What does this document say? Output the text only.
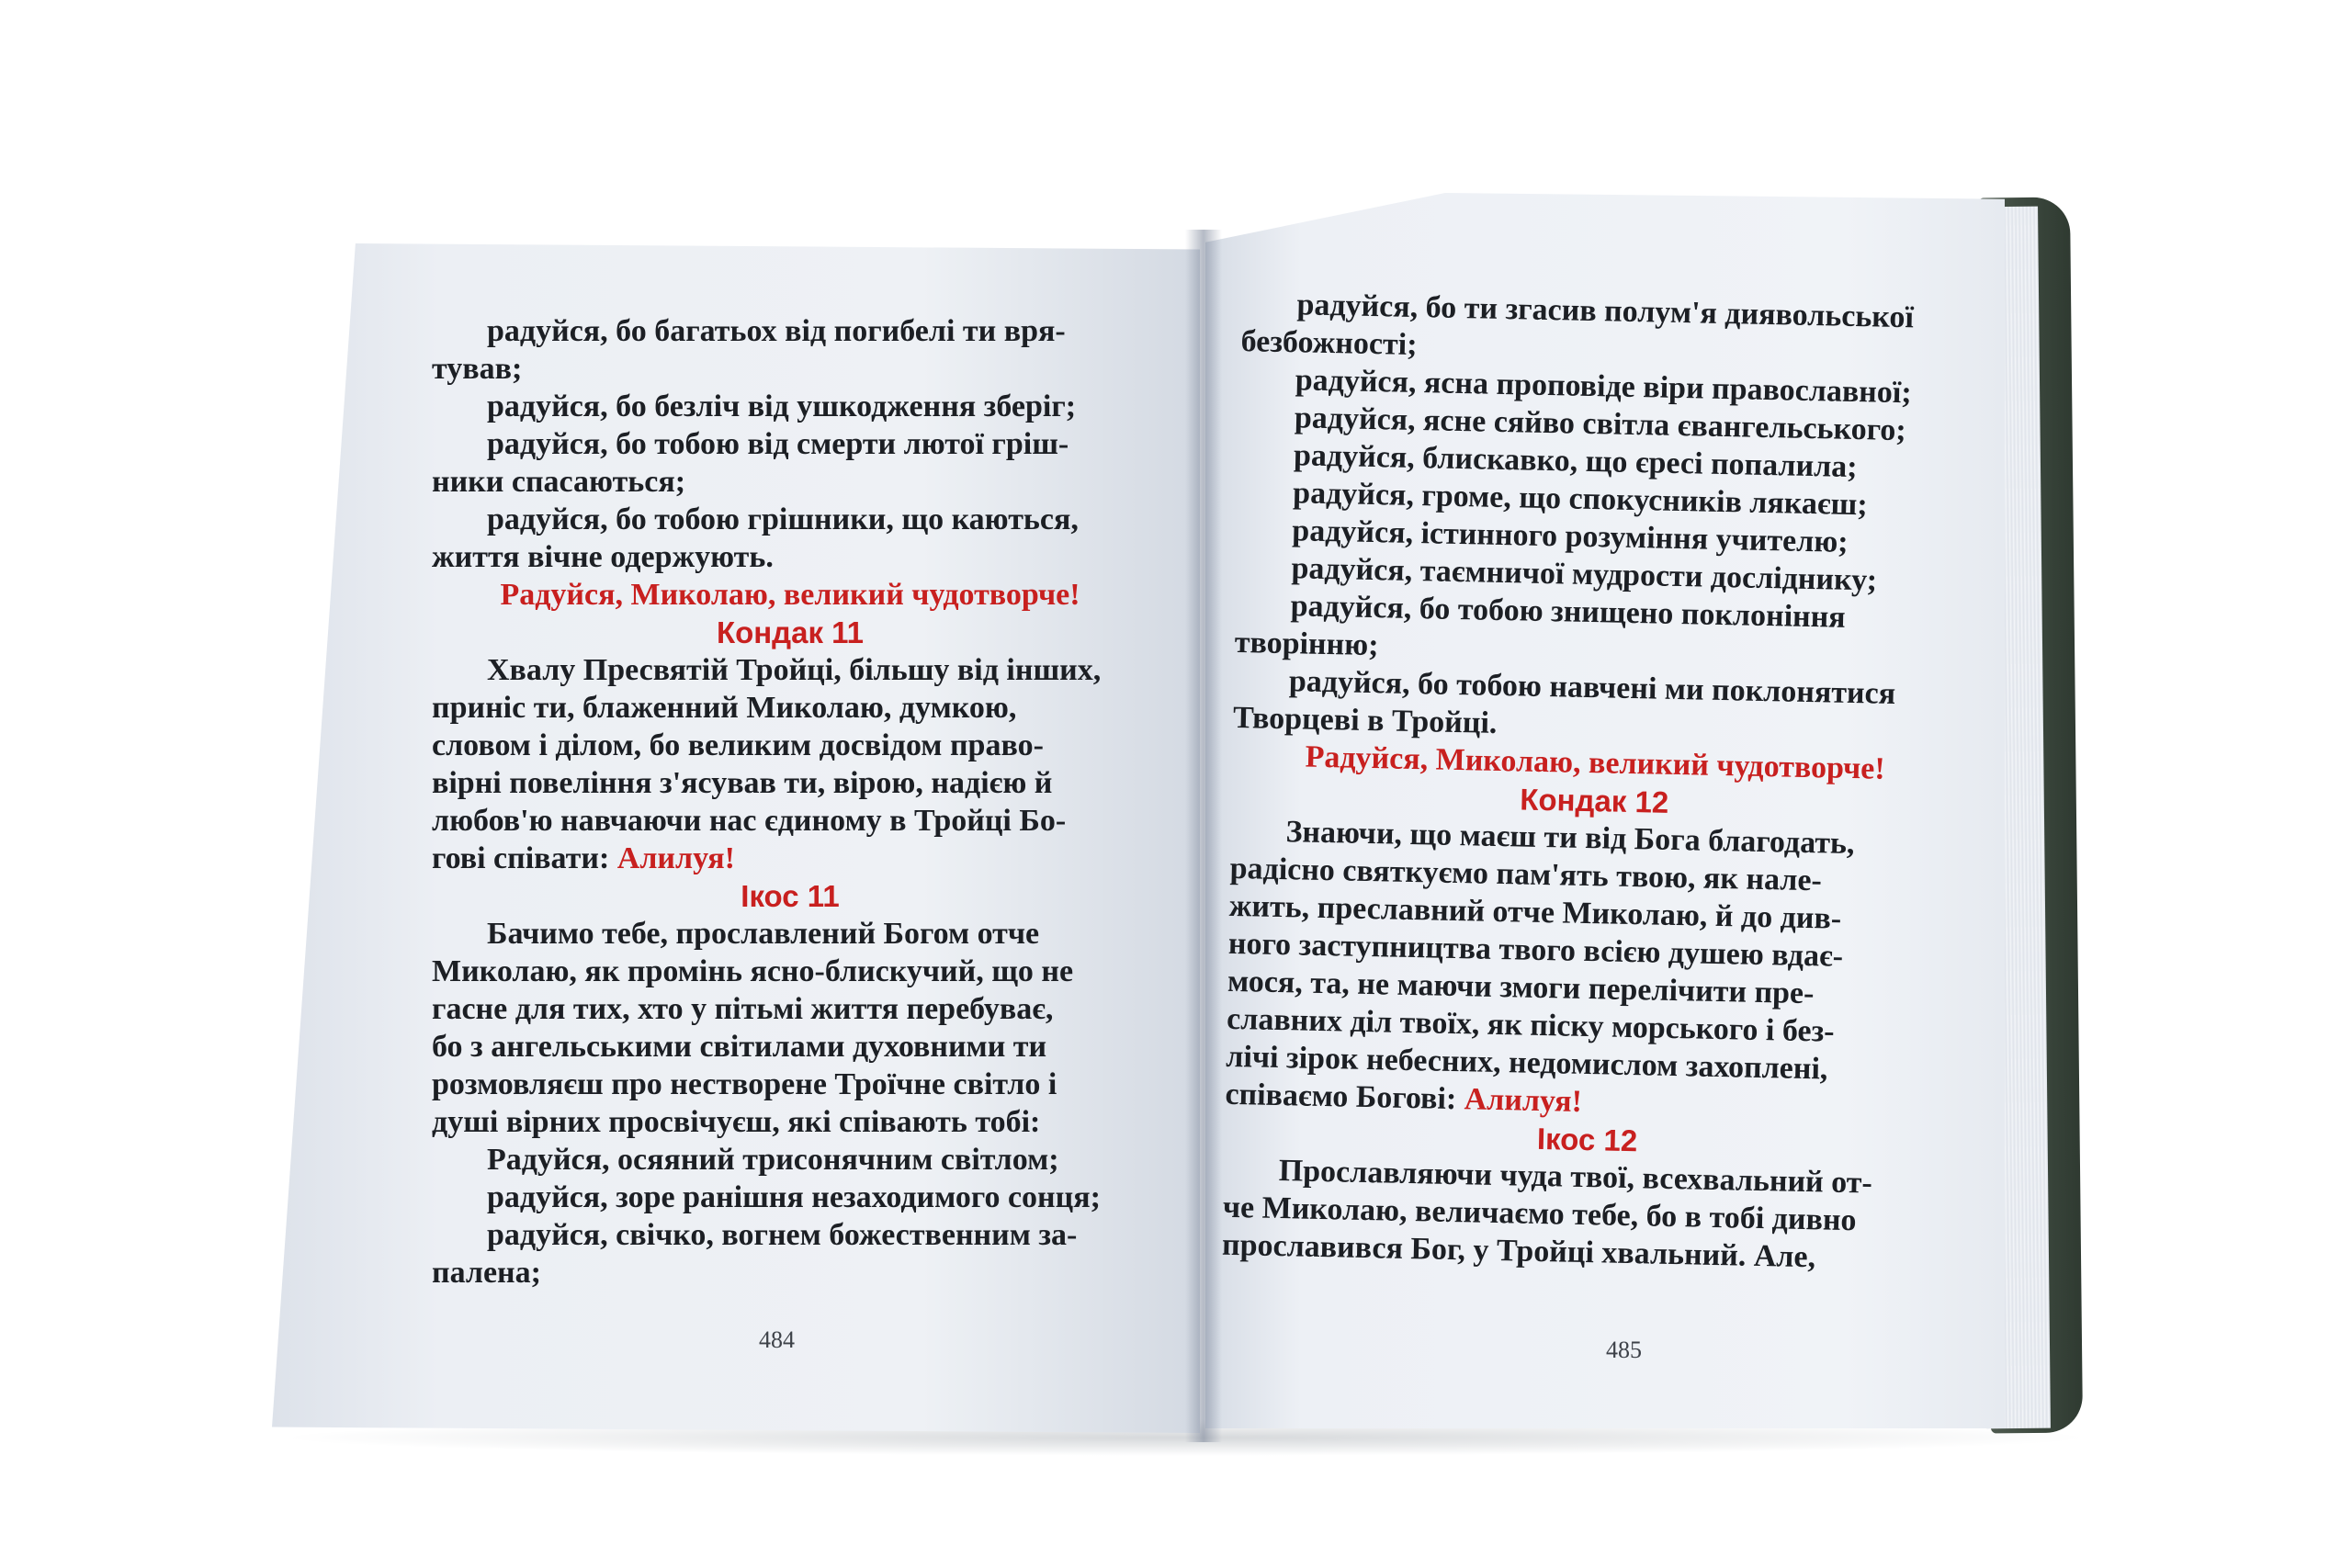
радуйся, бо багатьох від погибелі ти вря-
тував;
радуйся, бо безліч від ушкодження зберіг;
радуйся, бо тобою від смерти лютої гріш-
ники спасаються;
радуйся, бо тобою грішники, що каються,
життя вічне одержують.
Радуйся, Миколаю, великий чудотворче!
Кондак 11
Хвалу Пресвятій Тройці, більшу від інших,
приніс ти, блаженний Миколаю, думкою,
словом і ділом, бо великим досвідом право-
вірні повеління з'ясував ти, вірою, надією й
любов'ю навчаючи нас єдиному в Тройці Бо-
гові співати: Алилуя!
Ікос 11
Бачимо тебе, прославлений Богом отче
Миколаю, як промінь ясно-блискучий, що не
гасне для тих, хто у пітьмі життя перебуває,
бо з ангельськими світилами духовними ти
розмовляєш про нестворене Троїчне світло і
душі вірних просвічуєш, які співають тобі:
Радуйся, осяяний трисонячним світлом;
радуйся, зоре ранішня незаходимого сонця;
радуйся, свічко, вогнем божественним за-
палена;
радуйся, бо ти згасив полум'я диявольської
безбожності;
радуйся, ясна проповіде віри православної;
радуйся, ясне сяйво світла євангельського;
радуйся, блискавко, що єресі попалила;
радуйся, громе, що спокусників лякаєш;
радуйся, істинного розуміння учителю;
радуйся, таємничої мудрости досліднику;
радуйся, бо тобою знищено поклоніння
творінню;
радуйся, бо тобою навчені ми поклонятися
Творцеві в Тройці.
Радуйся, Миколаю, великий чудотворче!
Кондак 12
Знаючи, що маєш ти від Бога благодать,
радісно святкуємо пам'ять твою, як нале-
жить, преславний отче Миколаю, й до див-
ного заступництва твого всією душею вдає-
мося, та, не маючи змоги перелічити пре-
славних діл твоїх, як піску морського і без-
лічі зірок небесних, недомислом захоплені,
співаємо Богові: Алилуя!
Ікос 12
Прославляючи чуда твої, всехвальний от-
че Миколаю, величаємо тебе, бо в тобі дивно
прославився Бог, у Тройці хвальний. Але,
484	485
